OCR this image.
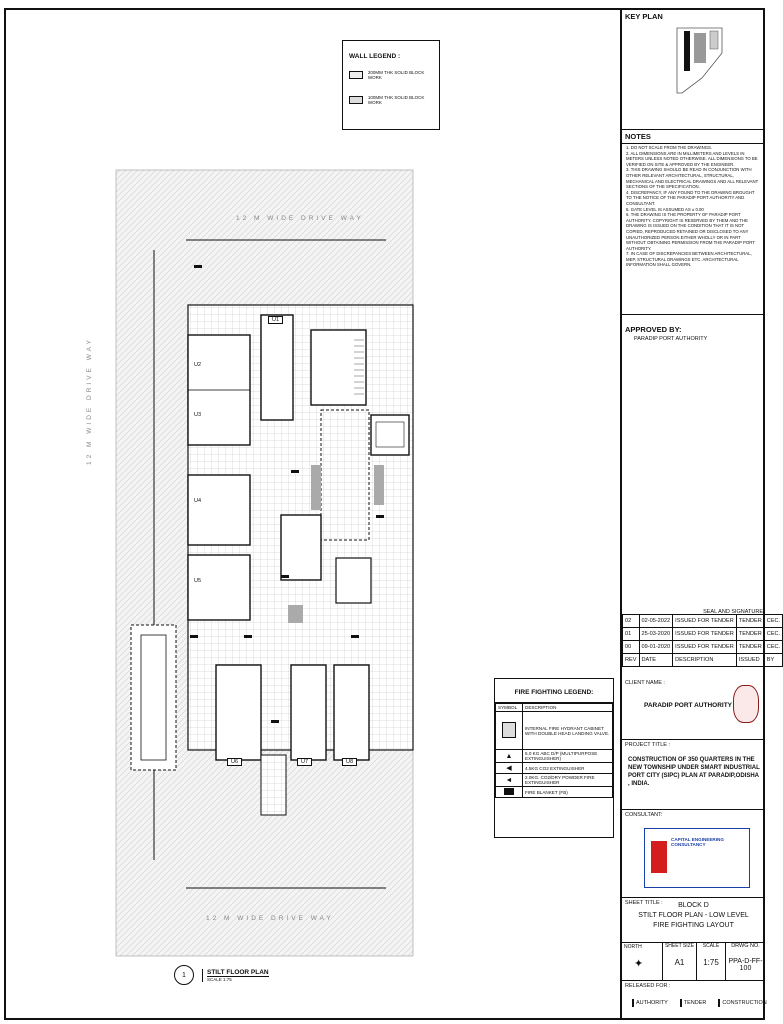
WALL LEGEND :
200MM THK SOLID BLOCK WORK
100MM THK SOLID BLOCK WORK
12 M WIDE DRIVE WAY
12 M WIDE DRIVE WAY
12 M WIDE DRIVE WAY
U1
U2
U3
U4
U5
U6	U7	U8
1	STILT FLOOR PLAN
SCALE 1:75
FIRE FIGHTING LEGEND:
SYMBOL	DESCRIPTION
	INTERNAL FIRE HYDRANT CABINET WITH DOUBLE HEAD LANDING VALVE.
▲	5.0 KG ABC D/P (MULTIPURPOSE EXTINGUISHER)
◀	4.5KG CO2 EXTINGUISHER
◄	2.0KG. CO2/DRY POWDER FIRE EXTINGUISHER
	FIRE BLANKET (FB)
KEY PLAN
NOTES
1. DO NOT SCALE FROM THE DRAWINGS.
2. ALL DIMENSIONS ARE IN MILLIMETERS AND LEVELS IN METERS UNLESS NOTED OTHERWISE. ALL DIMENSIONS TO BE VERIFIED ON SITE & APPROVED BY THE ENGINEER.
3. THIS DRAWING SHOULD BE READ IN CONJUNCTION WITH OTHER RELEVANT ARCHITECTURAL, STRUCTURAL, MECHANICAL AND ELECTRICAL DRAWINGS AND ALL RELEVANT SECTIONS OF THE SPECIFICATION.
4. DISCREPANCY, IF ANY FOUND TO THE DRAWING BROUGHT TO THE NOTICE OF THE PARADIP PORT AUTHORITY AND CONSULTANT.
5. GATE LEVEL IS ASSUMED AS ± 0.00
6. THE DRAWING IS THE PROPERTY OF PARADIP PORT AUTHORITY. COPYRIGHT IS RESERVED BY THEM AND THE DRAWING IS ISSUED ON THE CONDITION THAT IT IS NOT COPIED, REPRODUCED RETAINED OR DISCLOSED TO ANY UNAUTHORIZED PERSON EITHER WHOLLY OR IN PART WITHOUT OBTAINING PERMISSION FROM THE PARADIP PORT AUTHORITY.
7. IN CASE OF DISCREPANCIES BETWEEN ARCHITECTURAL, MEP, STRUCTURAL DRAWINGS ETC. ARCHITECTURAL INFORMATION SHALL GOVERN.
APPROVED BY:
PARADIP PORT AUTHORITY
SEAL AND SIGNATURE
02	02-05-2022	ISSUED FOR TENDER	TENDER	CEC.
01	25-03-2020	ISSUED FOR TENDER	TENDER	CEC.
00	09-01-2020	ISSUED FOR TENDER	TENDER	CEC.
REV	DATE	DESCRIPTION	ISSUED	BY
CLIENT NAME :
PARADIP PORT AUTHORITY
PROJECT TITLE :
CONSTRUCTION OF 350 QUARTERS IN THE NEW TOWNSHIP UNDER SMART INDUSTRIAL PORT CITY (SIPC) PLAN AT PARADIP,ODISHA , INDIA.
CONSULTANT:
CAPITAL ENGINEERING CONSULTANCY
SHEET TITLE :	BLOCK D
STILT FLOOR PLAN - LOW LEVEL
FIRE FIGHTING LAYOUT
NORTH
✦
SHEET SIZE
A1
SCALE
1:75
DRWG NO.
PPA-D-FF-100
RELEASED FOR :
AUTHORITY	TENDER	CONSTRUCTION
